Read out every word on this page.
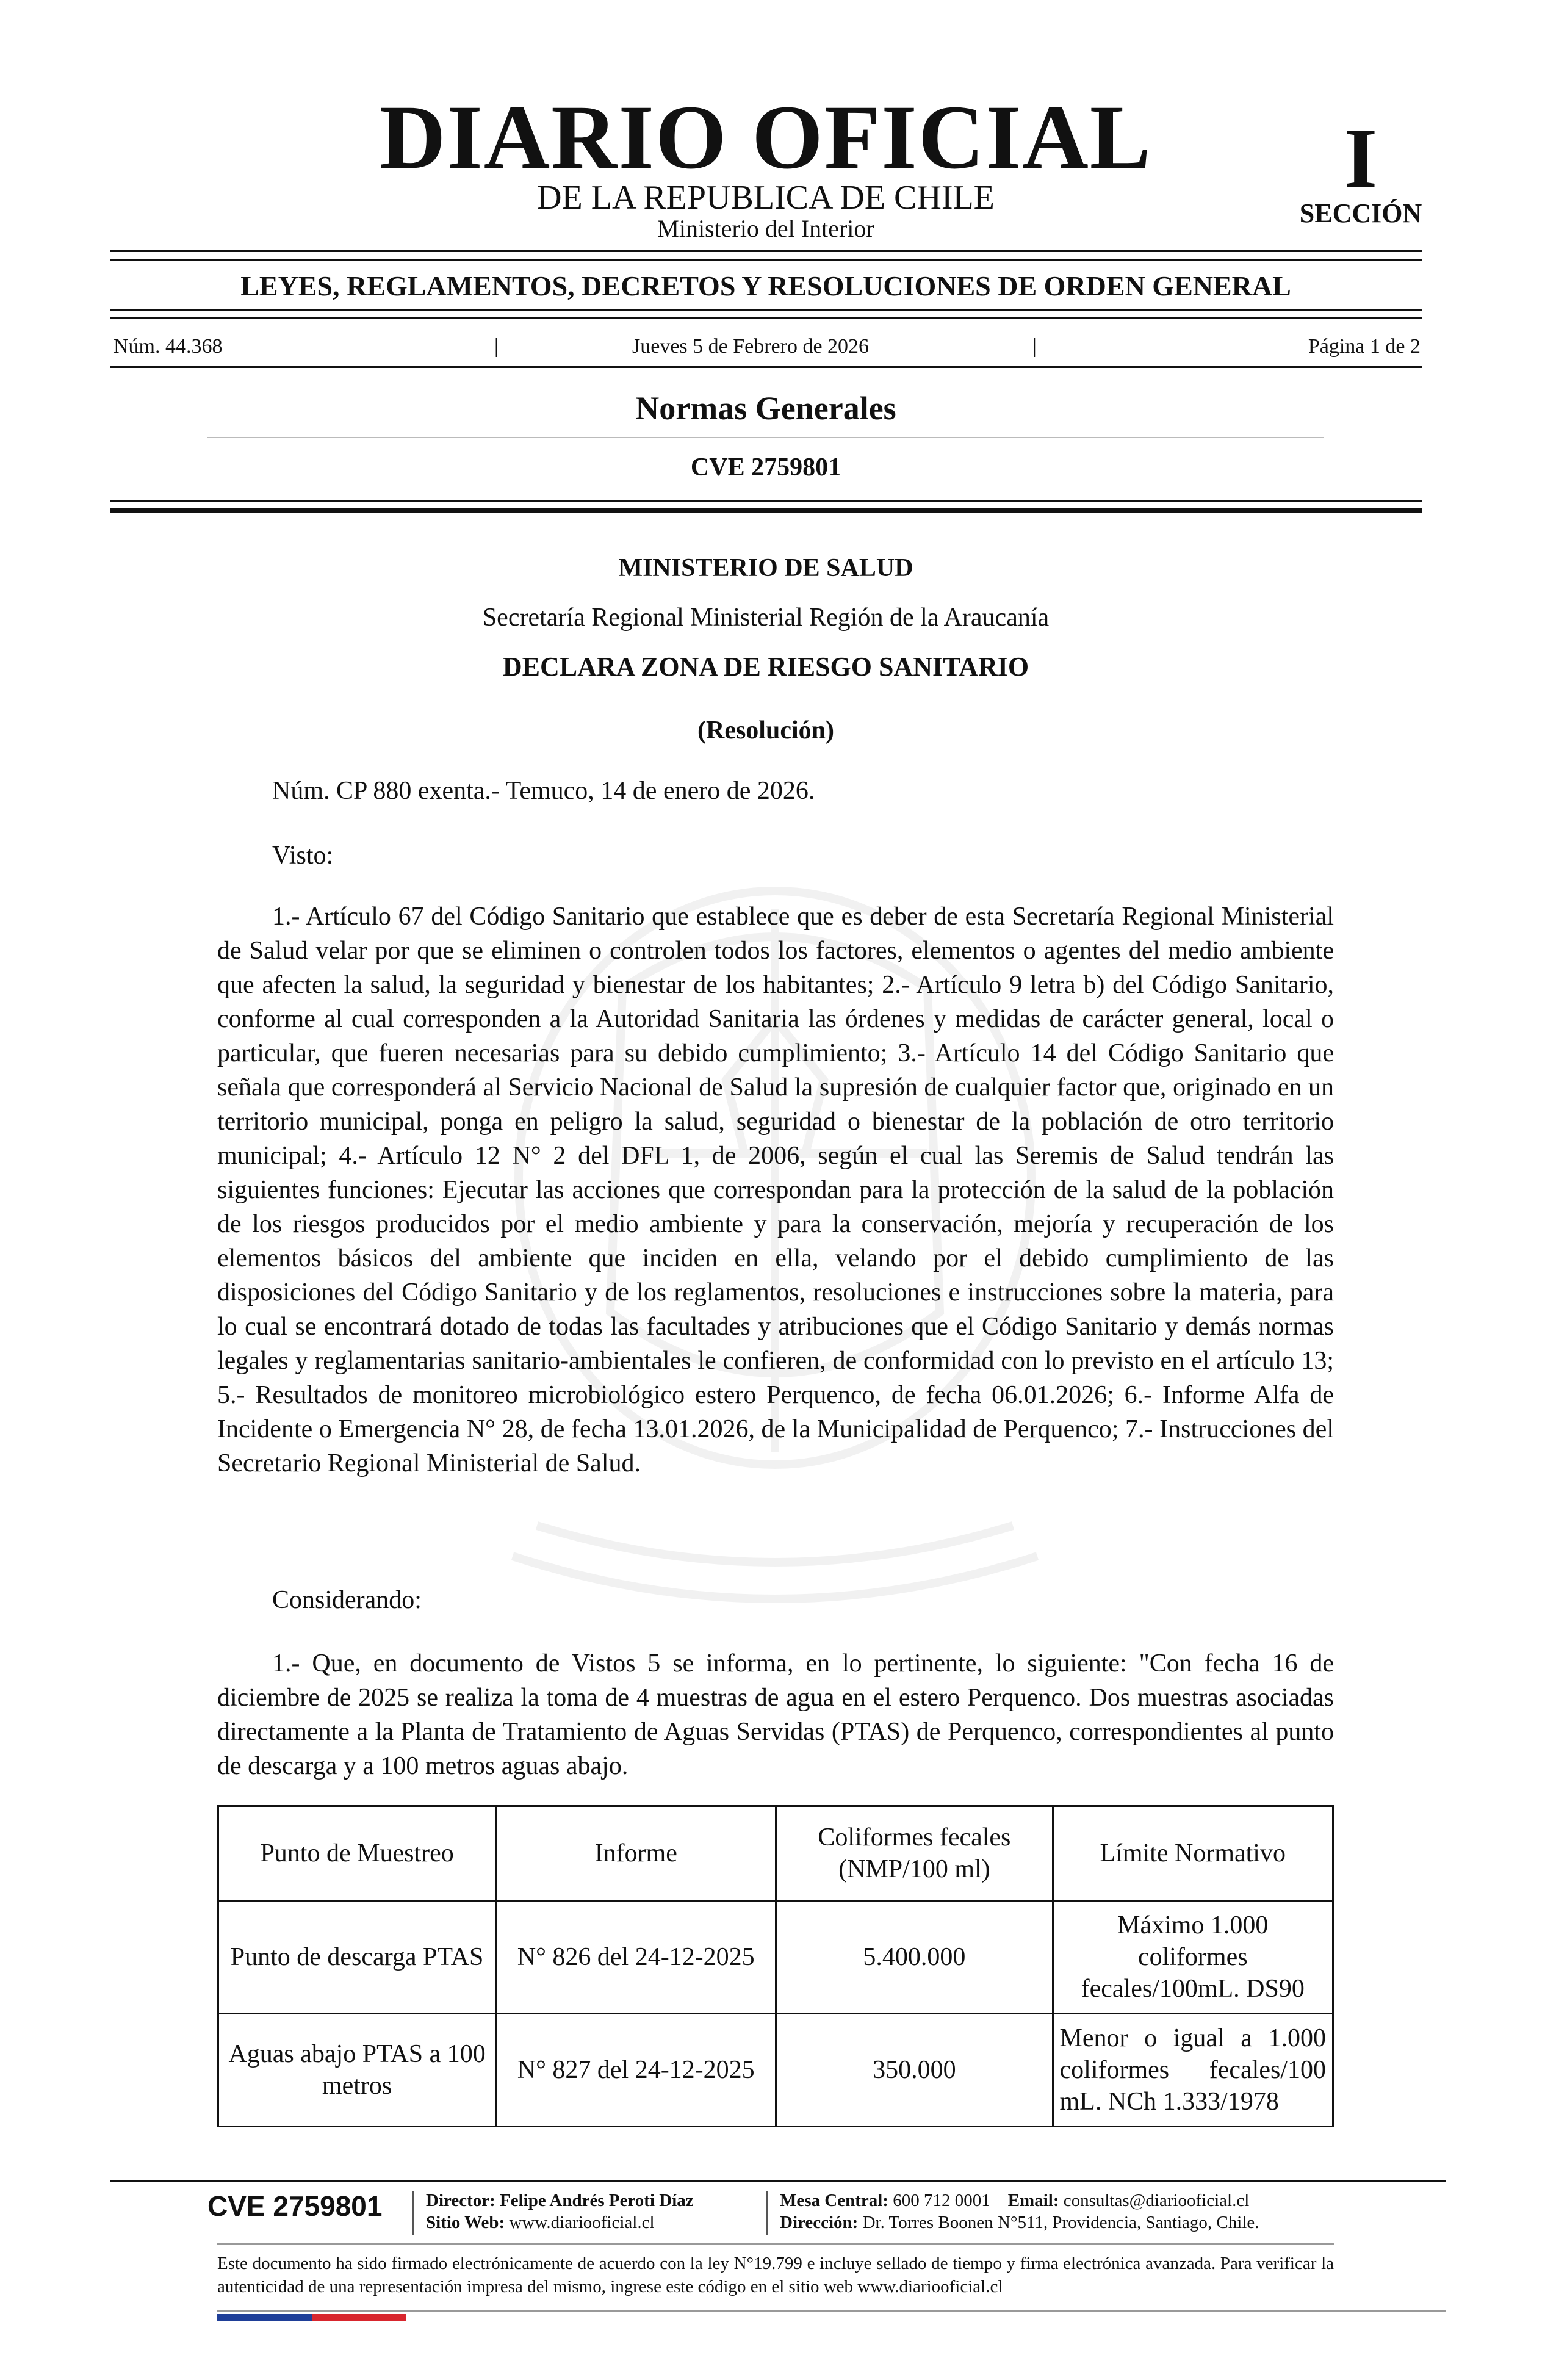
DIARIO OFICIAL
DE LA REPUBLICA DE CHILE
Ministerio del Interior
I
SECCIÓN
LEYES, REGLAMENTOS, DECRETOS Y RESOLUCIONES DE ORDEN GENERAL
Núm. 44.368	|	Jueves 5 de Febrero de 2026	|	Página 1 de 2
Normas Generales
CVE 2759801
MINISTERIO DE SALUD
Secretaría Regional Ministerial Región de la Araucanía
DECLARA ZONA DE RIESGO SANITARIO
(Resolución)
Núm. CP 880 exenta.- Temuco, 14 de enero de 2026.
Visto:
1.- Artículo 67 del Código Sanitario que establece que es deber de esta Secretaría Regional Ministerial de Salud velar por que se eliminen o controlen todos los factores, elementos o agentes del medio ambiente que afecten la salud, la seguridad y bienestar de los habitantes; 2.- Artículo 9 letra b) del Código Sanitario, conforme al cual corresponden a la Autoridad Sanitaria las órdenes y medidas de carácter general, local o particular, que fueren necesarias para su debido cumplimiento; 3.- Artículo 14 del Código Sanitario que señala que corresponderá al Servicio Nacional de Salud la supresión de cualquier factor que, originado en un territorio municipal, ponga en peligro la salud, seguridad o bienestar de la población de otro territorio municipal; 4.- Artículo 12 N° 2 del DFL 1, de 2006, según el cual las Seremis de Salud tendrán las siguientes funciones: Ejecutar las acciones que correspondan para la protección de la salud de la población de los riesgos producidos por el medio ambiente y para la conservación, mejoría y recuperación de los elementos básicos del ambiente que inciden en ella, velando por el debido cumplimiento de las disposiciones del Código Sanitario y de los reglamentos, resoluciones e instrucciones sobre la materia, para lo cual se encontrará dotado de todas las facultades y atribuciones que el Código Sanitario y demás normas legales y reglamentarias sanitario-ambientales le confieren, de conformidad con lo previsto en el artículo 13; 5.- Resultados de monitoreo microbiológico estero Perquenco, de fecha 06.01.2026; 6.- Informe Alfa de Incidente o Emergencia N° 28, de fecha 13.01.2026, de la Municipalidad de Perquenco; 7.- Instrucciones del Secretario Regional Ministerial de Salud.
Considerando:
1.- Que, en documento de Vistos 5 se informa, en lo pertinente, lo siguiente: "Con fecha 16 de diciembre de 2025 se realiza la toma de 4 muestras de agua en el estero Perquenco. Dos muestras asociadas directamente a la Planta de Tratamiento de Aguas Servidas (PTAS) de Perquenco, correspondientes al punto de descarga y a 100 metros aguas abajo.
Punto de Muestreo	Informe	Coliformes fecales (NMP/100 ml)	Límite Normativo
Punto de descarga PTAS	N° 826 del 24-12-2025	5.400.000	Máximo 1.000 coliformes fecales/100mL. DS90
Aguas abajo PTAS a 100 metros	N° 827 del 24-12-2025	350.000	Menor o igual a 1.000 coliformes fecales/100 mL. NCh 1.333/1978
CVE 2759801 Director: Felipe Andrés Peroti Díaz
Sitio Web: www.diariooficial.cl
Mesa Central: 600 712 0001 Email: consultas@diariooficial.cl
Dirección: Dr. Torres Boonen N°511, Providencia, Santiago, Chile.
Este documento ha sido firmado electrónicamente de acuerdo con la ley N°19.799 e incluye sellado de tiempo y firma electrónica avanzada. Para verificar la autenticidad de una representación impresa del mismo, ingrese este código en el sitio web www.diariooficial.cl
